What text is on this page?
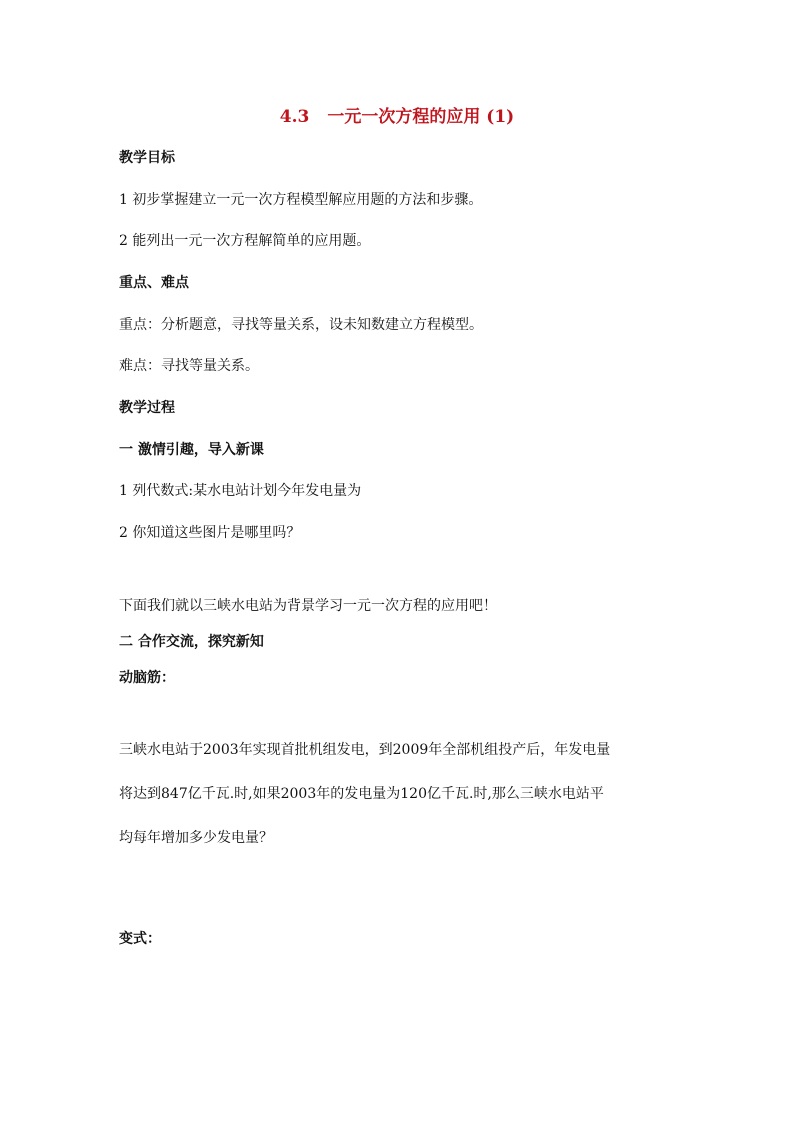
4.3 一元一次方程的应用 (1)
教学目标
1 初步掌握建立一元一次方程模型解应用题的方法和步骤。
2 能列出一元一次方程解简单的应用题。
重点、难点
重点：分析题意，寻找等量关系，设未知数建立方程模型。
难点：寻找等量关系。
教学过程
一 激情引趣，导入新课
1 列代数式:某水电站计划今年发电量为
2 你知道这些图片是哪里吗？
下面我们就以三峡水电站为背景学习一元一次方程的应用吧！
二 合作交流，探究新知
动脑筋：
三峡水电站于2003年实现首批机组发电，到2009年全部机组投产后，年发电量
将达到847亿千瓦.时,如果2003年的发电量为120亿千瓦.时,那么三峡水电站平
均每年增加多少发电量？
变式：
